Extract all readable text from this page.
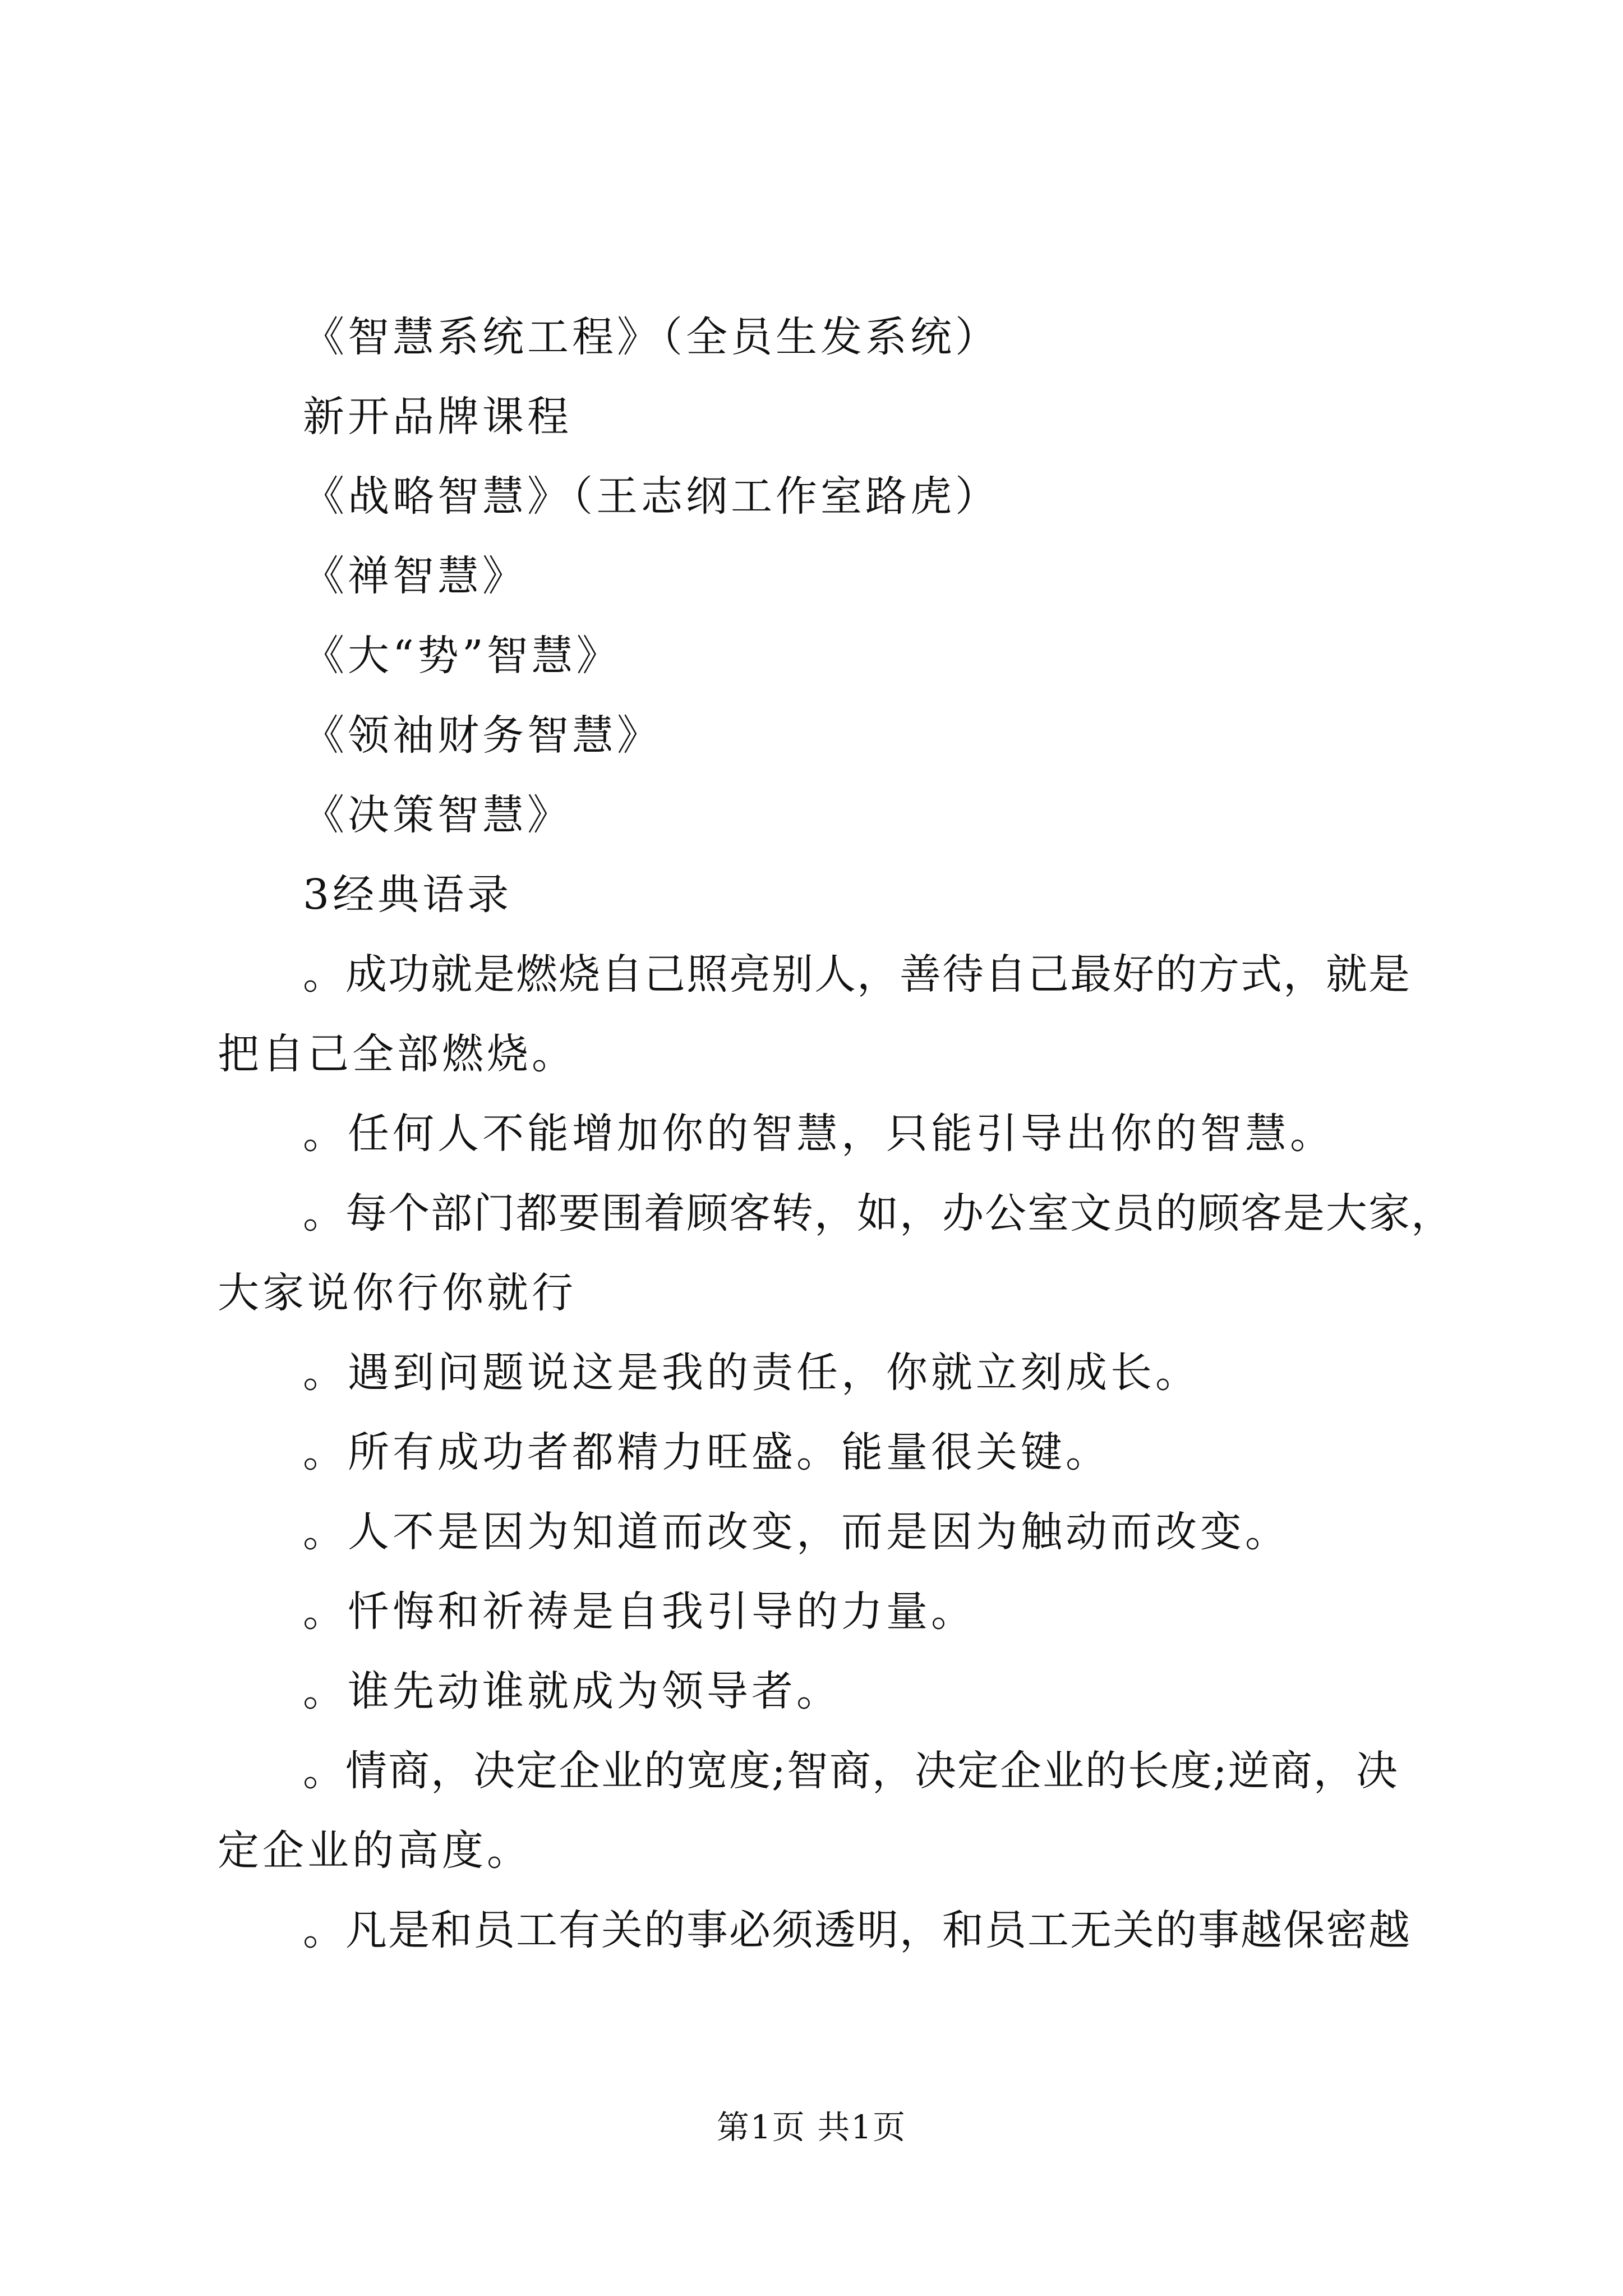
《智慧系统工程》（全员生发系统）
新开品牌课程
《战略智慧》（王志纲工作室路虎）
《禅智慧》
《大“势”智慧》
《领袖财务智慧》
《决策智慧》
3经典语录
。成功就是燃烧自己照亮别人，善待自己最好的方式，就是
把自己全部燃烧。
。任何人不能增加你的智慧，只能引导出你的智慧。
。每个部门都要围着顾客转，如，办公室文员的顾客是大家，
大家说你行你就行
。遇到问题说这是我的责任，你就立刻成长。
。所有成功者都精力旺盛。能量很关键。
。人不是因为知道而改变，而是因为触动而改变。
。忏悔和祈祷是自我引导的力量。
。谁先动谁就成为领导者。
。情商，决定企业的宽度;智商，决定企业的长度;逆商，决
定企业的高度。
。凡是和员工有关的事必须透明，和员工无关的事越保密越
第1页 共1页
